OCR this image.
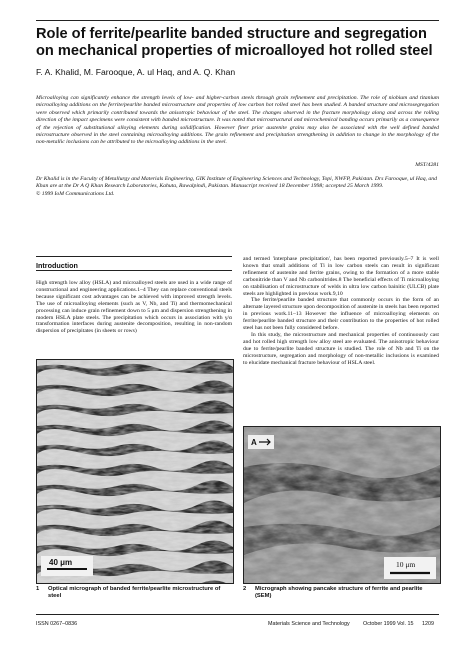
Role of ferrite/pearlite banded structure and segregation
on mechanical properties of microalloyed hot rolled steel
F. A. Khalid, M. Farooque, A. ul Haq, and A. Q. Khan
Microalloying can significantly enhance the strength levels of low- and higher-carbon steels through grain refinement and precipitation. The role of niobium and titanium microalloying additions on the ferrite/pearlite banded microstructure and properties of low carbon hot rolled steel has been studied. A banded structure and microsegregation were observed which primarily contributed towards the anisotropic behaviour of the steel. The changes observed in the fracture morphology along and across the rolling direction of the impact specimens were consistent with banded microstructure. It was noted that microstructural and microchemical banding occurs primarily as a consequence of the rejection of substitutional alloying elements during solidification. However finer prior austenite grains may also be associated with the well defined banded microstructure observed in the steel containing microalloying additions. The grain refinement and precipitation strengthening in addition to change in the morphology of the non-metallic inclusions can be attributed to the microalloying additions in the steel.
MST/4281
Dr Khalid is in the Faculty of Metallurgy and Materials Engineering, GIK Institute of Engineering Sciences and Technology, Topi, NWFP, Pakistan. Drs Farooque, ul Haq, and Khan are at the Dr A Q Khan Research Laboratories, Kahuta, Rawalpindi, Pakistan. Manuscript received 18 December 1998; accepted 25 March 1999.
© 1999 IoM Communications Ltd.
Introduction
High strength low alloy (HSLA) and microalloyed steels are used in a wide range of constructional and engineering applications.1–4 They can replace conventional steels because significant cost advantages can be achieved with improved strength levels. The use of microalloying elements (such as V, Nb, and Ti) and thermomechanical processing can induce grain refinement down to 5 μm and dispersion strengthening in modern HSLA plate steels. The precipitation which occurs in association with γ/α transformation interfaces during austenite decomposition, resulting in non-random dispersion of precipitates (in sheets or rows)

and termed 'interphase precipitation', has been reported previously.5–7 It is well known that small additions of Ti in low carbon steels can result in significant refinement of austenite and ferrite grains, owing to the formation of a more stable carbonitride than V and Nb carbonitrides.8 The beneficial effects of Ti microalloying on stabilisation of microstructure of welds in ultra low carbon bainitic (ULCB) plate steels are highlighted in previous work.9,10

The ferrite/pearlite banded structure that commonly occurs in the form of an alternate layered structure upon decomposition of austenite in steels has been reported in previous work.11–13 However the influence of microalloying elements on ferrite/pearlite banded structure and their contribution to the properties of hot rolled steel has not been fully considered before.

In this study, the microstructure and mechanical properties of continuously cast and hot rolled high strength low alloy steel are evaluated. The anisotropic behaviour due to ferrite/pearlite banded structure is studied. The role of Nb and Ti on the microstructure, segregation and morphology of non-metallic inclusions is examined to elucidate mechanical fracture behaviour of HSLA steel.

40 μm
1	Optical micrograph of banded ferrite/pearlite microstructure of steel
A
10 μm
2	Micrograph showing pancake structure of ferrite and pearlite (SEM)
ISSN 0267–0836	Materials Science and Technology October 1999 Vol. 15 1209
